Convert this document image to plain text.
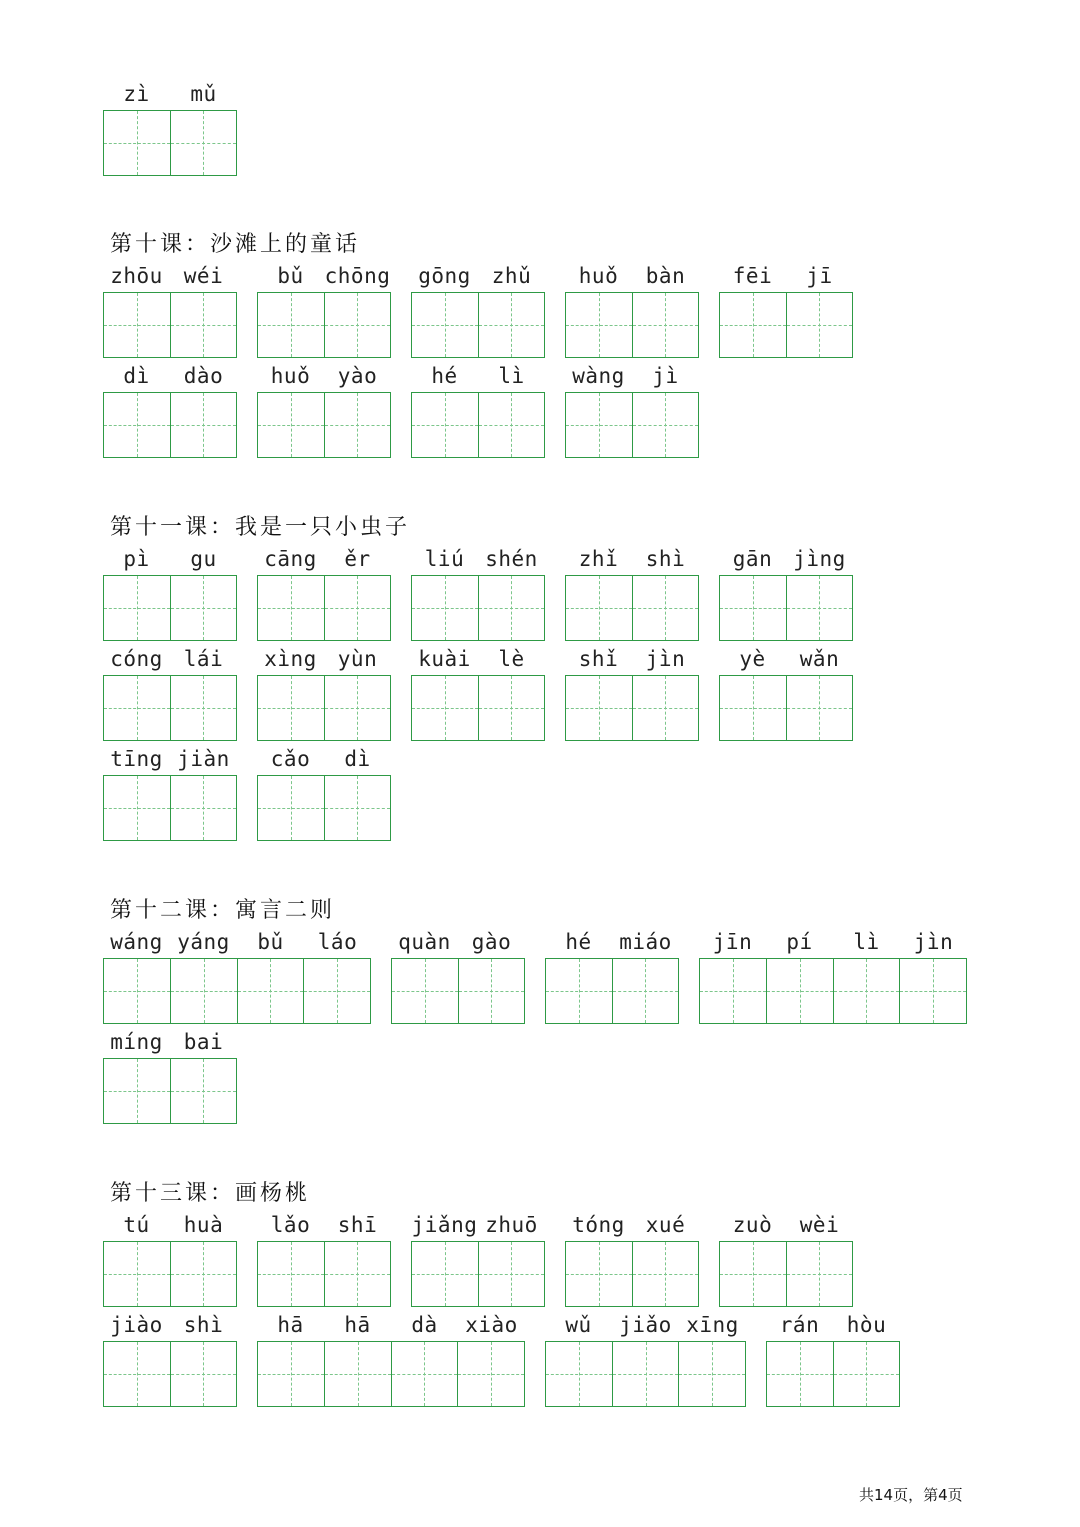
zì	mǔ
第十课：沙滩上的童话
zhōu	wéi	bǔ	chōng	gōng	zhǔ	huǒ	bàn	fēi	jī
dì	dào	huǒ	yào	hé	lì	wàng	jì
第十一课：我是一只小虫子
pì	gu	cāng	ěr	liú shén	zhǐ	shì	gān jìng
cóng	lái	xìng	yùn	kuài	lè	shǐ	jìn	yè	wǎn
tīng jiàn	cǎo	dì
第十二课：寓言二则
wáng yáng	bǔ	láo	quàn	gào	hé	miáo	jīn	pí	lì	jìn
míng	bai
第十三课：画杨桃
tú	huà	lǎo	shī	jiǎng zhuō	tóng	xué	zuò	wèi
jiào	shì	hā	hā	dà	xiào	wǔ	jiǎo xīng	rán	hòu
共14页，第4页
